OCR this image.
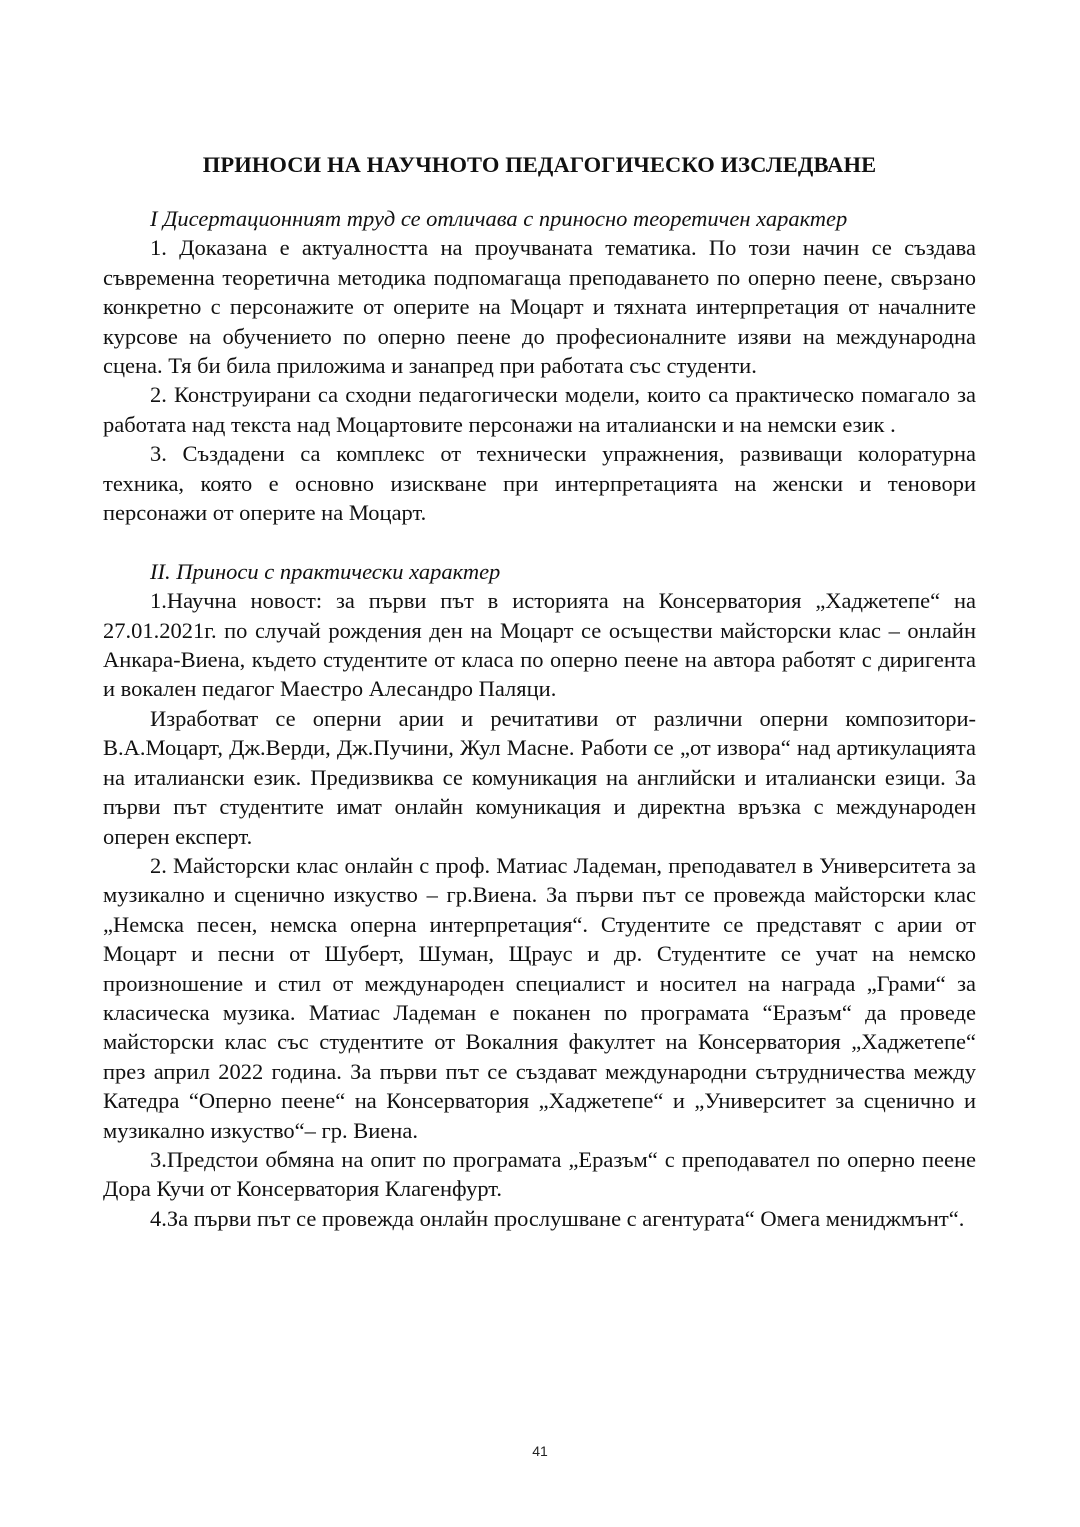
ПРИНОСИ НА НАУЧНОТО ПЕДАГОГИЧЕСКО ИЗСЛЕДВАНЕ

I Дисертационният труд се отличава с приносно теоретичен характер

1. Доказана е актуалността на проучваната тематика. По този начин се създава съвременна теоретична методика подпомагаща преподаването по оперно пеене, свързано конкретно с персонажите от оперите на Моцарт и тяхната интерпретация от началните курсове на обучението по оперно пеене до професионалните изяви на международна сцена. Тя би била приложима и занапред при работата със студенти.

2. Конструирани са сходни педагогически модели, които са практическо помагало за работата над текста над Моцартовите персонажи на италиански и на немски език .

3. Създадени са комплекс от технически упражнения, развиващи колоратурна техника, която е основно изискване при интерпретацията на женски и теновори персонажи от оперите на Моцарт.

II. Приноси с практически характер

1.Научна новост: за първи път в историята на Консерватория „Хаджетепе“ на 27.01.2021г. по случай рождения ден на Моцарт се осъществи майсторски клас – онлайн Анкара-Виена, където студентите от класа по оперно пеене на автора работят с диригента и вокален педагог Маестро Алесандро Паляци.

Изработват се оперни арии и речитативи от различни оперни композитори- В.А.Моцарт, Дж.Верди, Дж.Пучини, Жул Масне. Работи се „от извора“ над артикулацията на италиански език. Предизвиква се комуникация на английски и италиански езици. За първи път студентите имат онлайн комуникация и директна връзка с международен оперен експерт.

2. Майсторски клас онлайн с проф. Матиас Ладеман, преподавател в Университета за музикално и сценично изкуство – гр.Виена. За първи път се провежда майсторски клас „Немска песен, немска оперна интерпретация“. Студентите се представят с арии от Моцарт и песни от Шуберт, Шуман, Щраус и др. Студентите се учат на немско произношение и стил от международен специалист и носител на награда „Грами“ за класическа музика. Матиас Ладеман е поканен по програмата “Еразъм“ да проведе майсторски клас със студентите от Вокалния факултет на Консерватория „Хаджетепе“ през април 2022 година. За първи път се създават международни сътрудничества между Катедра “Оперно пеене“ на Консерватория „Хаджетепе“ и „Университет за сценично и музикално изкуство“– гр. Виена.

3.Предстои обмяна на опит по програмата „Еразъм“ с преподавател по оперно пеене Дора Кучи от Консерватория Клагенфурт.

4.За първи път се провежда онлайн прослушване с агентурата“ Омега мениджмънт“.

41
